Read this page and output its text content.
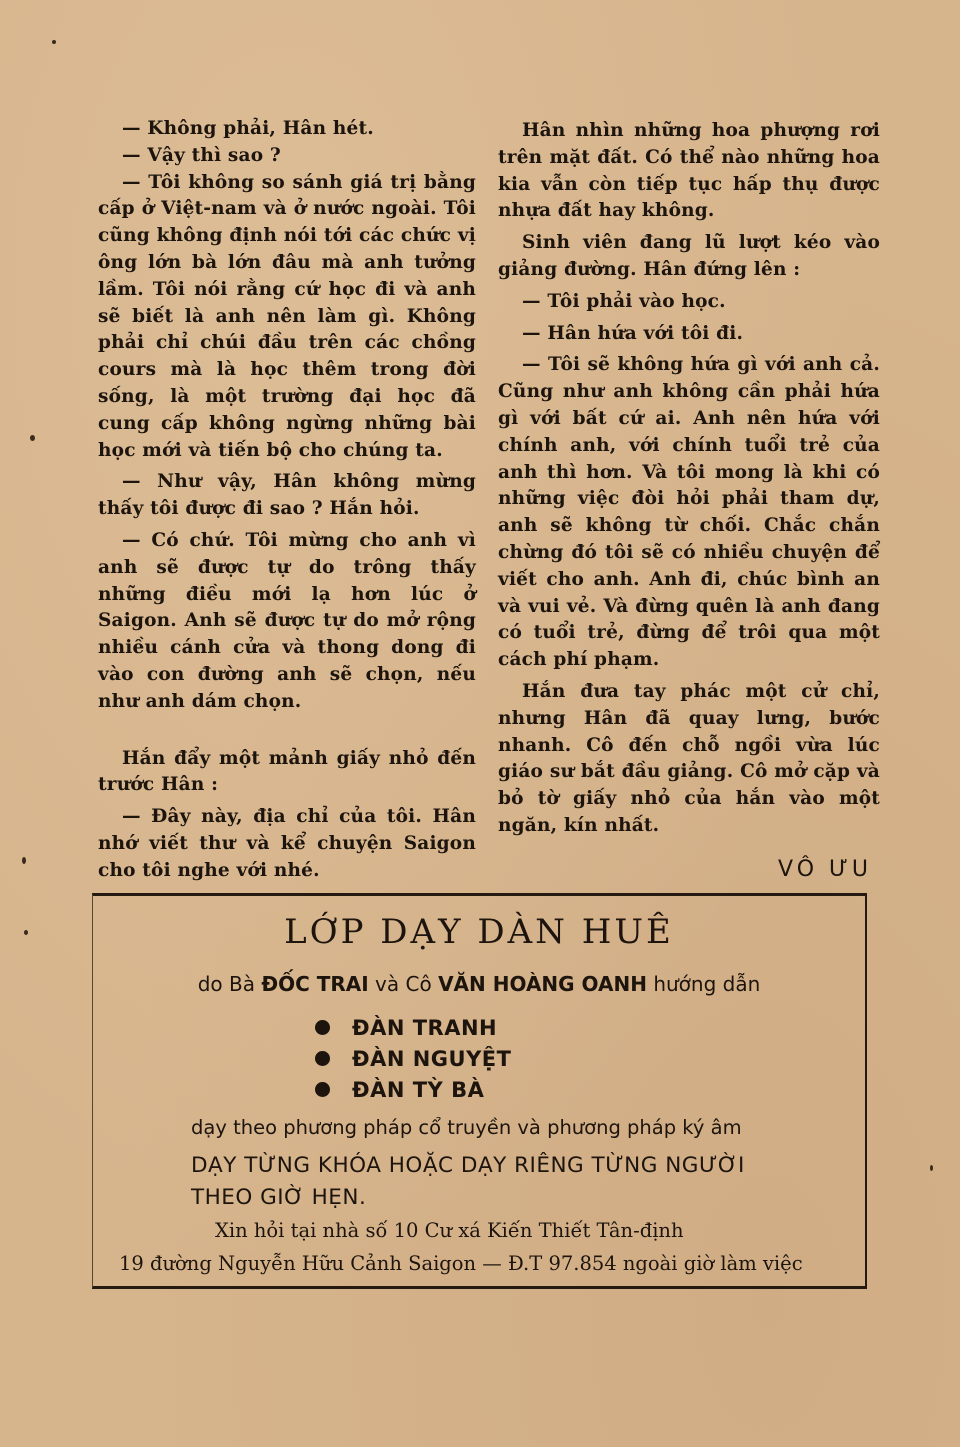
— Không phải, Hân hét.

— Vậy thì sao ?

— Tôi không so sánh giá trị bằng cấp ở Việt-nam và ở nước ngoài. Tôi cũng không định nói tới các chức vị ông lớn bà lớn đâu mà anh tưởng lầm. Tôi nói rằng cứ học đi và anh sẽ biết là anh nên làm gì. Không phải chỉ chúi đầu trên các chồng cours mà là học thêm trong đời sống, là một trường đại học đã cung cấp không ngừng những bài học mới và tiến bộ cho chúng ta.

— Như vậy, Hân không mừng thấy tôi được đi sao ? Hắn hỏi.

— Có chứ. Tôi mừng cho anh vì anh sẽ được tự do trông thấy những điều mới lạ hơn lúc ở Saigon. Anh sẽ được tự do mở rộng nhiều cánh cửa và thong dong đi vào con đường anh sẽ chọn, nếu như anh dám chọn.

Hắn đẩy một mảnh giấy nhỏ đến trước Hân :

— Đây này, địa chỉ của tôi. Hân nhớ viết thư và kể chuyện Saigon cho tôi nghe với nhé.

Hân nhìn những hoa phượng rơi trên mặt đất. Có thể nào những hoa kia vẫn còn tiếp tục hấp thụ được nhựa đất hay không.

Sinh viên đang lũ lượt kéo vào giảng đường. Hân đứng lên :

— Tôi phải vào học.

— Hân hứa với tôi đi.

— Tôi sẽ không hứa gì với anh cả. Cũng như anh không cần phải hứa gì với bất cứ ai. Anh nên hứa với chính anh, với chính tuổi trẻ của anh thì hơn. Và tôi mong là khi có những việc đòi hỏi phải tham dự, anh sẽ không từ chối. Chắc chắn chừng đó tôi sẽ có nhiều chuyện để viết cho anh. Anh đi, chúc bình an và vui vẻ. Và đừng quên là anh đang có tuổi trẻ, đừng để trôi qua một cách phí phạm.

Hắn đưa tay phác một cử chỉ, nhưng Hân đã quay lưng, bước nhanh. Cô đến chỗ ngồi vừa lúc giáo sư bắt đầu giảng. Cô mở cặp và bỏ tờ giấy nhỏ của hắn vào một ngăn, kín nhất.

VÔ ƯU
LỚP DẠY DÀN HUÊ
do Bà ĐỐC TRAI và Cô VĂN HOÀNG OANH hướng dẫn
ĐÀN TRANH
ĐÀN NGUYỆT
ĐÀN TỲ BÀ
dạy theo phương pháp cổ truyền và phương pháp ký âm
DẠY TỪNG KHÓA HOẶC DẠY RIÊNG TỪNG NGƯỜI THEO GIỜ HẸN.
Xin hỏi tại nhà số 10 Cư xá Kiến Thiết Tân-định
19 đường Nguyễn Hữu Cảnh Saigon — Đ.T 97.854 ngoài giờ làm việc
